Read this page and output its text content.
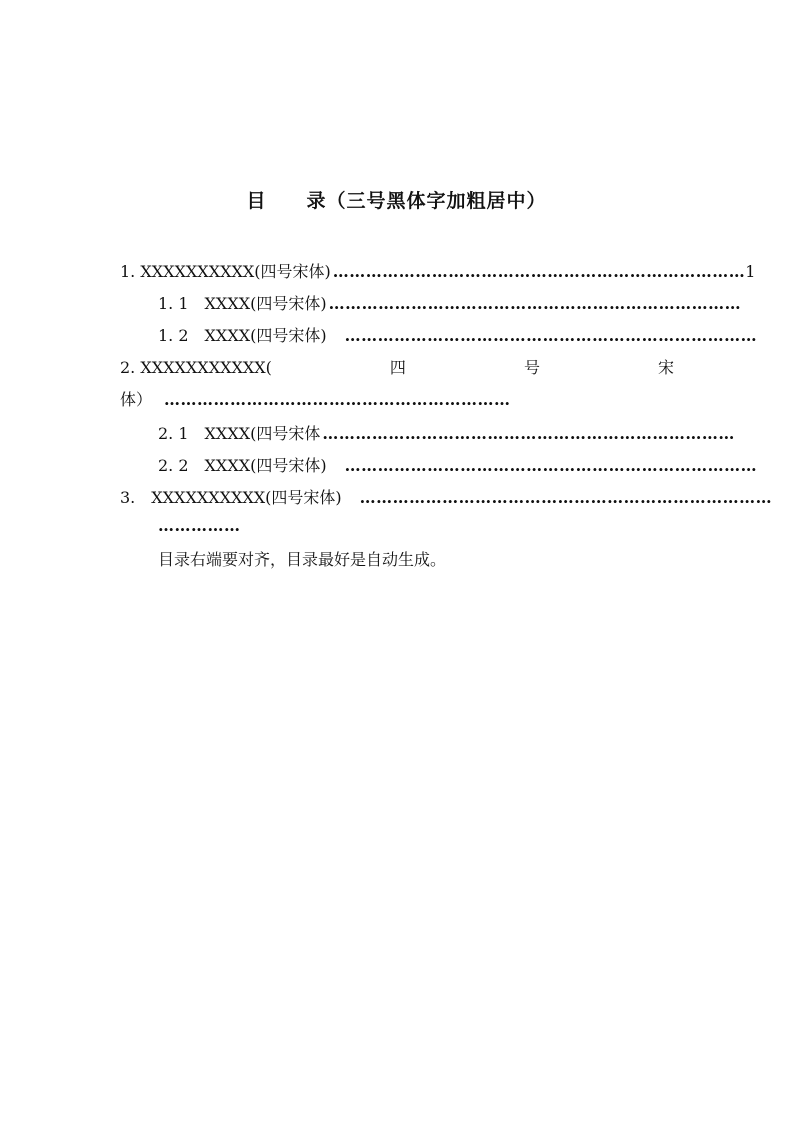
目　　录（三号黑体字加粗居中）
1. XXXXXXXXXX(四号宋体) ………………………………………………………………… 1
1. 1　XXXX(四号宋体) …………………………………………………………………
1. 2　XXXX(四号宋体)　 …………………………………………………………………
2. XXXXXXXXXXX(	四	号	宋
体） ………………………………………………………
2. 1　XXXX(四号宋体 …………………………………………………………………
2. 2　XXXX(四号宋体)　 …………………………………………………………………
3.　XXXXXXXXXX(四号宋体)　 …………………………………………………………………
……………
目录右端要对齐，目录最好是自动生成。
